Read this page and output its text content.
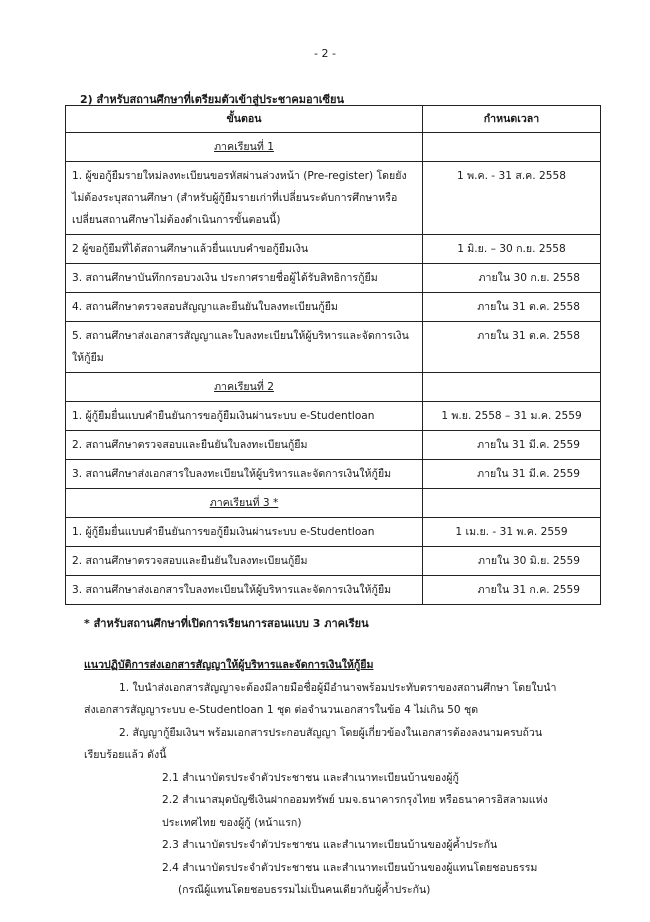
- 2 -
2) สำหรับสถานศึกษาที่เตรียมตัวเข้าสู่ประชาคมอาเซียน
ขั้นตอน	กำหนดเวลา
ภาคเรียนที่ 1	
1. ผู้ขอกู้ยืมรายใหม่ลงทะเบียนขอรหัสผ่านล่วงหน้า (Pre-register) โดยยังไม่ต้องระบุสถานศึกษา (สำหรับผู้กู้ยืมรายเก่าที่เปลี่ยนระดับการศึกษาหรือเปลี่ยนสถานศึกษาไม่ต้องดำเนินการขั้นตอนนี้)	1 พ.ค. - 31 ส.ค. 2558
2 ผู้ขอกู้ยืมที่ได้สถานศึกษาแล้วยื่นแบบคำขอกู้ยืมเงิน	1 มิ.ย. – 30 ก.ย. 2558
3. สถานศึกษาบันทึกกรอบวงเงิน ประกาศรายชื่อผู้ได้รับสิทธิการกู้ยืม	ภายใน 30 ก.ย. 2558
4. สถานศึกษาตรวจสอบสัญญาและยืนยันใบลงทะเบียนกู้ยืม	ภายใน 31 ต.ค. 2558
5. สถานศึกษาส่งเอกสารสัญญาและใบลงทะเบียนให้ผู้บริหารและจัดการเงินให้กู้ยืม	ภายใน 31 ต.ค. 2558
ภาคเรียนที่ 2	
1. ผู้กู้ยืมยื่นแบบคำยืนยันการขอกู้ยืมเงินผ่านระบบ e-Studentloan	1 พ.ย. 2558 – 31 ม.ค. 2559
2. สถานศึกษาตรวจสอบและยืนยันใบลงทะเบียนกู้ยืม	ภายใน 31 มี.ค. 2559
3. สถานศึกษาส่งเอกสารใบลงทะเบียนให้ผู้บริหารและจัดการเงินให้กู้ยืม	ภายใน 31 มี.ค. 2559
ภาคเรียนที่ 3 *	
1. ผู้กู้ยืมยื่นแบบคำยืนยันการขอกู้ยืมเงินผ่านระบบ e-Studentloan	1 เม.ย. - 31 พ.ค. 2559
2. สถานศึกษาตรวจสอบและยืนยันใบลงทะเบียนกู้ยืม	ภายใน 30 มิ.ย. 2559
3. สถานศึกษาส่งเอกสารใบลงทะเบียนให้ผู้บริหารและจัดการเงินให้กู้ยืม	ภายใน 31 ก.ค. 2559
* สำหรับสถานศึกษาที่เปิดการเรียนการสอนแบบ 3 ภาคเรียน
แนวปฏิบัติการส่งเอกสารสัญญาให้ผู้บริหารและจัดการเงินให้กู้ยืม

1. ใบนำส่งเอกสารสัญญาจะต้องมีลายมือชื่อผู้มีอำนาจพร้อมประทับตราของสถานศึกษา โดยใบนำส่งเอกสารสัญญาระบบ e-Studentloan 1 ชุด ต่อจำนวนเอกสารในข้อ 4 ไม่เกิน 50 ชุด

2. สัญญากู้ยืมเงินฯ พร้อมเอกสารประกอบสัญญา โดยผู้เกี่ยวข้องในเอกสารต้องลงนามครบถ้วนเรียบร้อยแล้ว ดังนี้

2.1 สำเนาบัตรประจำตัวประชาชน และสำเนาทะเบียนบ้านของผู้กู้

2.2 สำเนาสมุดบัญชีเงินฝากออมทรัพย์ บมจ.ธนาคารกรุงไทย หรือธนาคารอิสลามแห่งประเทศไทย ของผู้กู้ (หน้าแรก)

2.3 สำเนาบัตรประจำตัวประชาชน และสำเนาทะเบียนบ้านของผู้ค้ำประกัน

2.4 สำเนาบัตรประจำตัวประชาชน และสำเนาทะเบียนบ้านของผู้แทนโดยชอบธรรม

(กรณีผู้แทนโดยชอบธรรมไม่เป็นคนเดียวกับผู้ค้ำประกัน)
